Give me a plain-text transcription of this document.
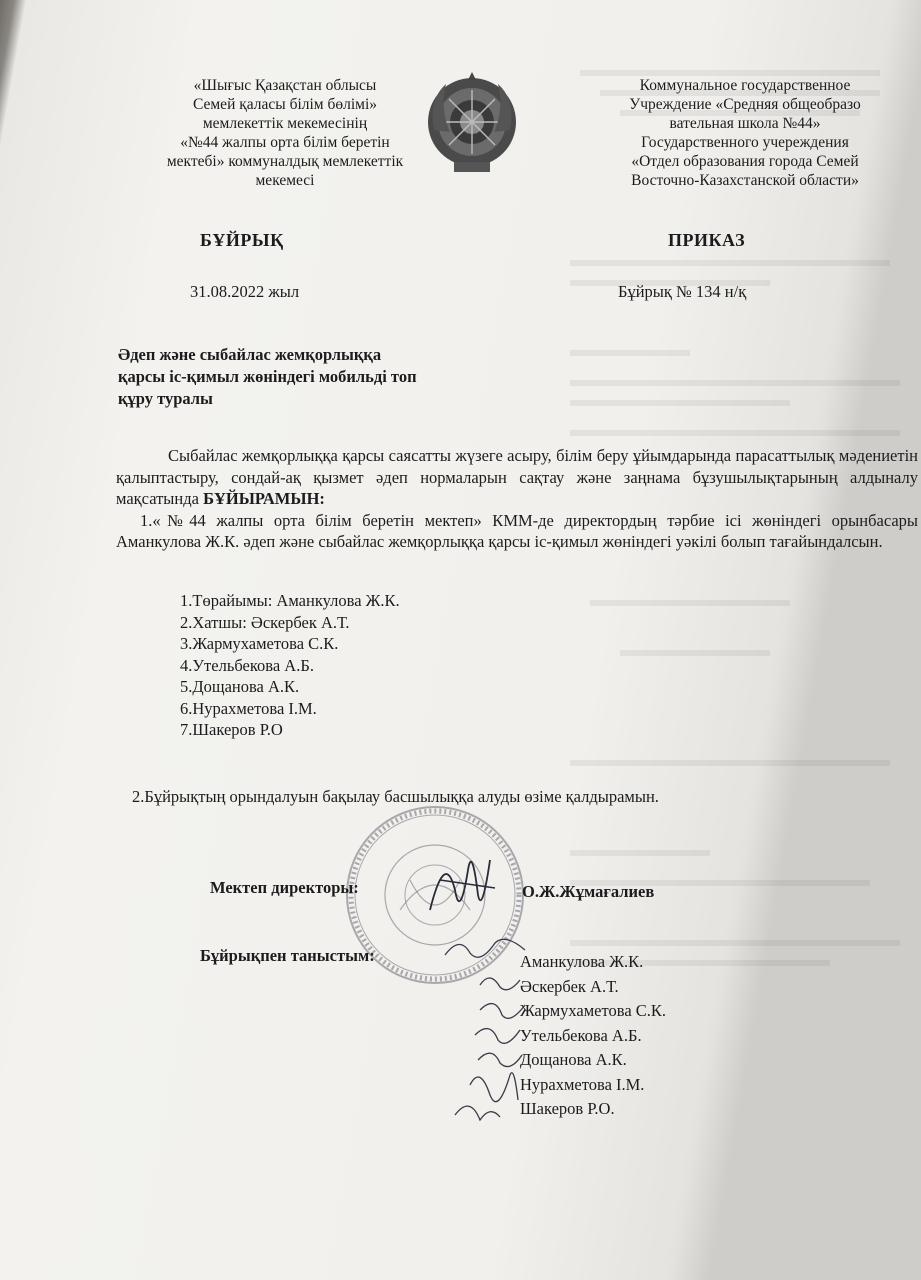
«Шығыс Қазақстан облысы
Семей қаласы білім бөлімі»
мемлекеттік мекемесінің
«№44 жалпы орта білім беретін
мектебі» коммуналдық мемлекеттік
мекемесі
Коммунальное государственное
Учреждение «Средняя общеобразо
вательная школа №44»
Государственного учереждения
«Отдел образования города Семей
Восточно-Казахстанской области»
БҰЙРЫҚ	ПРИКАЗ
31.08.2022 жыл	Бұйрық № 134 н/қ
Әдеп және сыбайлас жемқорлыққа
қарсы іс-қимыл жөніндегі мобильді топ
құру туралы

Сыбайлас жемқорлыққа қарсы саясатты жүзеге асыру, білім беру ұйымдарында парасаттылық мәдениетін қалыптастыру, сондай-ақ қызмет әдеп нормаларын сақтау және заңнама бұзушылықтарының алдыналу мақсатында БҰЙЫРАМЫН:

1.«№44 жалпы орта білім беретін мектеп» КММ-де директордың тәрбие ісі жөніндегі орынбасары Аманкулова Ж.К. әдеп және сыбайлас жемқорлыққа қарсы іс-қимыл жөніндегі уәкілі болып тағайындалсын.

1.Төрайымы: Аманкулова Ж.К.
2.Хатшы: Әскербек А.Т.
3.Жармухаметова С.К.
4.Утельбекова А.Б.
5.Дощанова А.К.
6.Нурахметова І.М.
7.Шакеров Р.О
2.Бұйрықтың орындалуын бақылау басшылыққа алуды өзіме қалдырамын.
Мектеп директоры:	О.Ж.Жұмағалиев
Бұйрықпен таныстым:	Аманкулова Ж.К.
Әскербек А.Т.
Жармухаметова С.К.
Утельбекова А.Б.
Дощанова А.К.
Нурахметова І.М.
Шакеров Р.О.
